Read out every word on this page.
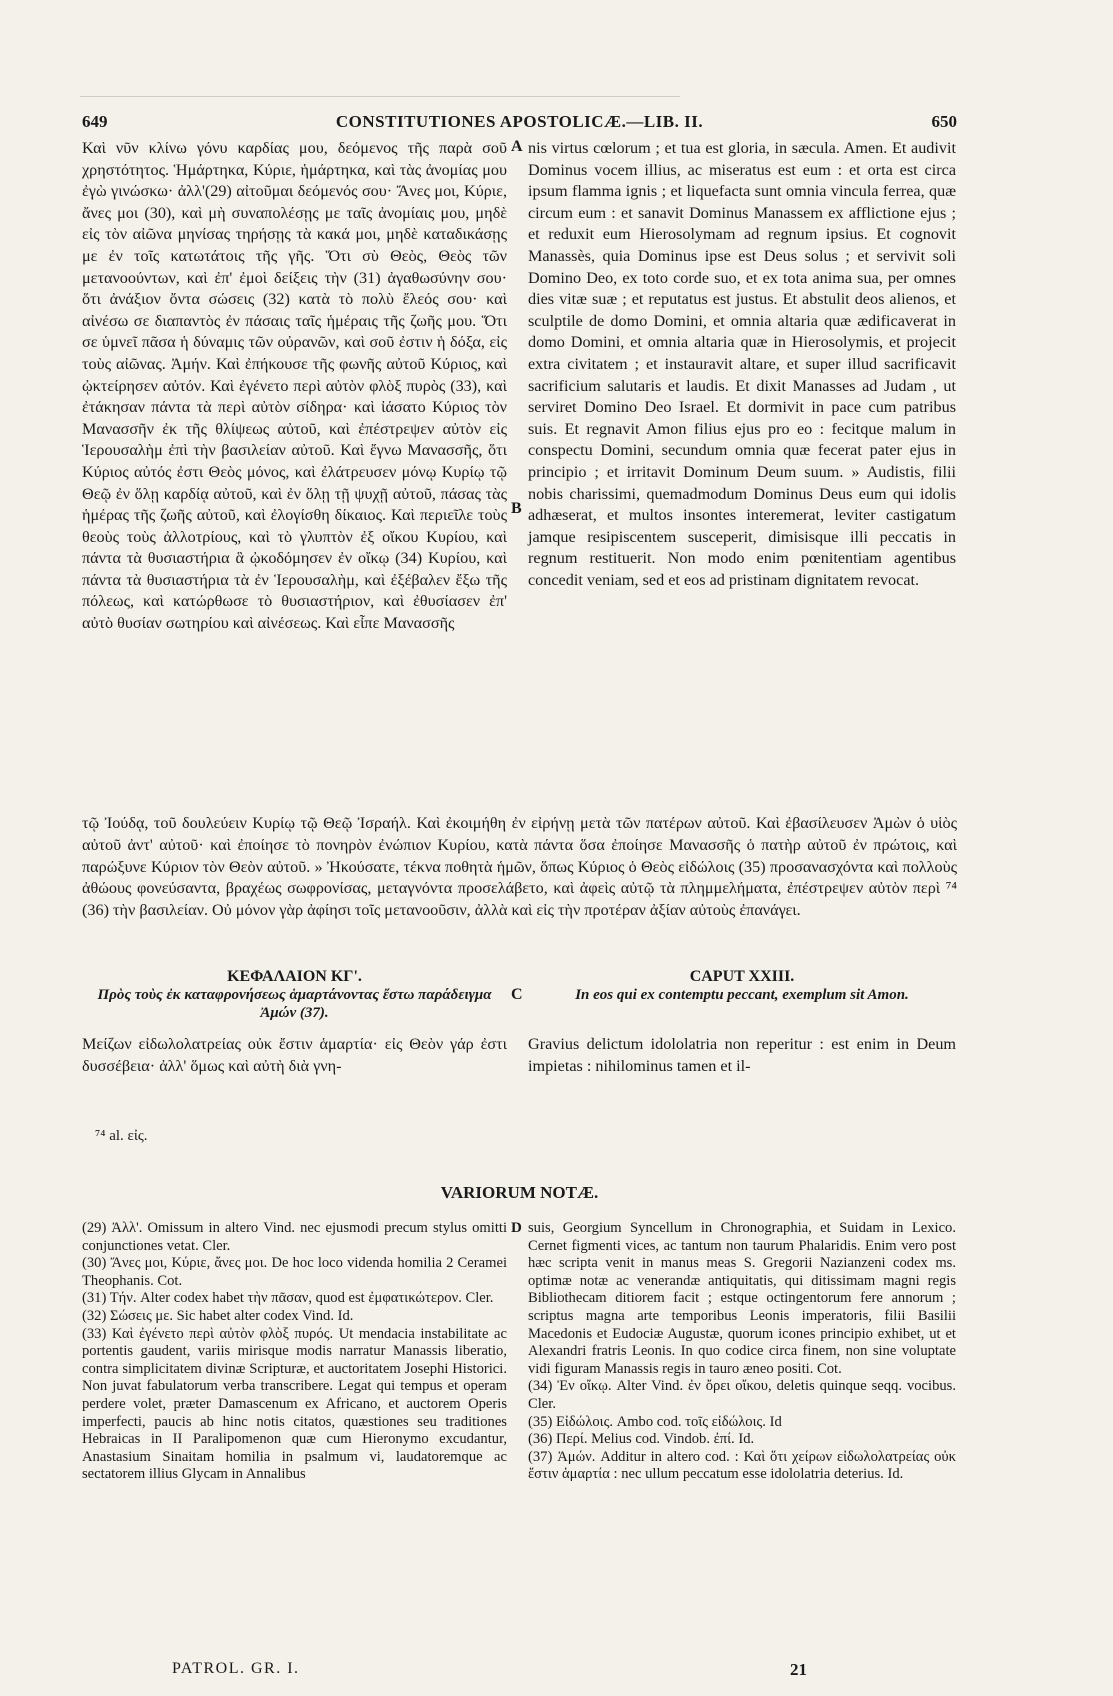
649	CONSTITUTIONES APOSTOLICÆ.—LIB. II.	650
Καὶ νῦν κλίνω γόνυ καρδίας μου, δεόμενος τῆς παρὰ σοῦ χρηστότητος. Ἡμάρτηκα, Κύριε, ἡμάρτηκα, καὶ τὰς ἀνομίας μου ἐγὼ γινώσκω· ἀλλ'(29) αἰτοῦμαι δεόμενός σου· Ἄνες μοι, Κύριε, ἄνες μοι (30), καὶ μὴ συναπολέσῃς με ταῖς ἀνομίαις μου, μηδὲ εἰς τὸν αἰῶνα μηνίσας τηρήσῃς τὰ κακά μοι, μηδὲ καταδικάσῃς με ἐν τοῖς κατωτάτοις τῆς γῆς. Ὅτι σὺ Θεὸς, Θεὸς τῶν μετανοούντων, καὶ ἐπ' ἐμοὶ δείξεις τὴν (31) ἀγαθωσύνην σου· ὅτι ἀνάξιον ὄντα σώσεις (32) κατὰ τὸ πολὺ ἔλεός σου· καὶ αἰνέσω σε διαπαντὸς ἐν πάσαις ταῖς ἡμέραις τῆς ζωῆς μου. Ὅτι σε ὑμνεῖ πᾶσα ἡ δύναμις τῶν οὐρανῶν, καὶ σοῦ ἐστιν ἡ δόξα, εἰς τοὺς αἰῶνας. Ἀμήν. Καὶ ἐπήκουσε τῆς φωνῆς αὐτοῦ Κύριος, καὶ ᾠκτείρησεν αὐτόν. Καὶ ἐγένετο περὶ αὐτὸν φλὸξ πυρὸς (33), καὶ ἐτάκησαν πάντα τὰ περὶ αὐτὸν σίδηρα· καὶ ἰάσατο Κύριος τὸν Μανασσῆν ἐκ τῆς θλίψεως αὐτοῦ, καὶ ἐπέστρεψεν αὐτὸν εἰς Ἱερουσαλὴμ ἐπὶ τὴν βασιλείαν αὐτοῦ. Καὶ ἔγνω Μανασσῆς, ὅτι Κύριος αὐτός ἐστι Θεὸς μόνος, καὶ ἐλάτρευσεν μόνῳ Κυρίῳ τῷ Θεῷ ἐν ὅλῃ καρδίᾳ αὐτοῦ, καὶ ἐν ὅλῃ τῇ ψυχῇ αὐτοῦ, πάσας τὰς ἡμέρας τῆς ζωῆς αὐτοῦ, καὶ ἐλογίσθη δίκαιος. Καὶ περιεῖλε τοὺς θεοὺς τοὺς ἀλλοτρίους, καὶ τὸ γλυπτὸν ἐξ οἴκου Κυρίου, καὶ πάντα τὰ θυσιαστήρια ἃ ᾠκοδόμησεν ἐν οἴκῳ (34) Κυρίου, καὶ πάντα τὰ θυσιαστήρια τὰ ἐν Ἱερουσαλὴμ, καὶ ἐξέβαλεν ἔξω τῆς πόλεως, καὶ κατώρθωσε τὸ θυσιαστήριον, καὶ ἐθυσίασεν ἐπ' αὐτὸ θυσίαν σωτηρίου καὶ αἰνέσεως. Καὶ εἶπε Μανασσῆς
nis virtus cœlorum ; et tua est gloria, in sæcula. Amen. Et audivit Dominus vocem illius, ac miseratus est eum : et orta est circa ipsum flamma ignis ; et liquefacta sunt omnia vincula ferrea, quæ circum eum : et sanavit Dominus Manassem ex afflictione ejus ; et reduxit eum Hierosolymam ad regnum ipsius. Et cognovit Manassès, quia Dominus ipse est Deus solus ; et servivit soli Domino Deo, ex toto corde suo, et ex tota anima sua, per omnes dies vitæ suæ ; et reputatus est justus. Et abstulit deos alienos, et sculptile de domo Domini, et omnia altaria quæ ædificaverat in domo Domini, et omnia altaria quæ in Hierosolymis, et projecit extra civitatem ; et instauravit altare, et super illud sacrificavit sacrificium salutaris et laudis. Et dixit Manasses ad Judam , ut serviret Domino Deo Israel. Et dormivit in pace cum patribus suis. Et regnavit Amon filius ejus pro eo : fecitque malum in conspectu Domini, secundum omnia quæ fecerat pater ejus in principio ; et irritavit Dominum Deum suum. » Audistis, filii nobis charissimi, quemadmodum Dominus Deus eum qui idolis adhæserat, et multos insontes interemerat, leviter castigatum jamque resipiscentem susceperit, dimisisque illi peccatis in regnum restituerit. Non modo enim pœnitentiam agentibus concedit veniam, sed et eos ad pristinam dignitatem revocat.
A
B
τῷ Ἰούδᾳ, τοῦ δουλεύειν Κυρίῳ τῷ Θεῷ Ἰσραήλ. Καὶ ἐκοιμήθη ἐν εἰρήνῃ μετὰ τῶν πατέρων αὐτοῦ. Καὶ ἐβασίλευσεν Ἀμὼν ὁ υἱὸς αὐτοῦ ἀντ' αὐτοῦ· καὶ ἐποίησε τὸ πονηρὸν ἐνώπιον Κυρίου, κατὰ πάντα ὅσα ἐποίησε Μανασσῆς ὁ πατὴρ αὐτοῦ ἐν πρώτοις, καὶ παρώξυνε Κύριον τὸν Θεὸν αὐτοῦ. » Ἠκούσατε, τέκνα ποθητὰ ἡμῶν, ὅπως Κύριος ὁ Θεὸς εἰδώλοις (35) προσανασχόντα καὶ πολλοὺς ἀθώους φονεύσαντα, βραχέως σωφρονίσας, μεταγνόντα προσελάβετο, καὶ ἀφεὶς αὐτῷ τὰ πλημμελήματα, ἐπέστρεψεν αὐτὸν περὶ ⁷⁴ (36) τὴν βασιλείαν. Οὐ μόνον γὰρ ἀφίησι τοῖς μετανοοῦσιν, ἀλλὰ καὶ εἰς τὴν προτέραν ἀξίαν αὐτοὺς ἐπανάγει.
C
ΚΕΦΑΛΑΙΟΝ ΚΓ'.
Πρὸς τοὺς ἐκ καταφρονήσεως ἁμαρτάνοντας ἔστω παράδειγμα Ἀμών (37).
CAPUT XXIII.
In eos qui ex contemptu peccant, exemplum sit Amon.
Μείζων εἰδωλολατρείας οὐκ ἔστιν ἁμαρτία· εἰς Θεὸν γάρ ἐστι δυσσέβεια· ἀλλ' ὅμως καὶ αὐτὴ διὰ γνη-
Gravius delictum idololatria non reperitur : est enim in Deum impietas : nihilominus tamen et il-
⁷⁴ al. εἰς.
VARIORUM NOTÆ.
D

(29) Ἀλλ'. Omissum in altero Vind. nec ejusmodi precum stylus omitti conjunctiones vetat. Cler.

(30) Ἄνες μοι, Κύριε, ἄνες μοι. De hoc loco videnda homilia 2 Ceramei Theophanis. Cot.

(31) Τήν. Alter codex habet τὴν πᾶσαν, quod est ἐμφατικώτερον. Cler.

(32) Σώσεις με. Sic habet alter codex Vind. Id.

(33) Καὶ ἐγένετο περὶ αὐτὸν φλὸξ πυρός. Ut mendacia instabilitate ac portentis gaudent, variis mirisque modis narratur Manassis liberatio, contra simplicitatem divinæ Scripturæ, et auctoritatem Josephi Historici. Non juvat fabulatorum verba transcribere. Legat qui tempus et operam perdere volet, præter Damascenum ex Africano, et auctorem Operis imperfecti, paucis ab hinc notis citatos, quæstiones seu traditiones Hebraicas in II Paralipomenon quæ cum Hieronymo excudantur, Anastasium Sinaitam homilia in psalmum vi, laudatoremque ac sectatorem illius Glycam in Annalibus

suis, Georgium Syncellum in Chronographia, et Suidam in Lexico. Cernet figmenti vices, ac tantum non taurum Phalaridis. Enim vero post hæc scripta venit in manus meas S. Gregorii Nazianzeni codex ms. optimæ notæ ac venerandæ antiquitatis, qui ditissimam magni regis Bibliothecam ditiorem facit ; estque octingentorum fere annorum ; scriptus magna arte temporibus Leonis imperatoris, filii Basilii Macedonis et Eudociæ Augustæ, quorum icones principio exhibet, ut et Alexandri fratris Leonis. In quo codice circa finem, non sine voluptate vidi figuram Manassis regis in tauro æneo positi. Cot.

(34) Ἐν οἴκῳ. Alter Vind. ἐν ὄρει οἴκου, deletis quinque seqq. vocibus. Cler.

(35) Εἰδώλοις. Ambo cod. τοῖς εἰδώλοις. Id

(36) Περί. Melius cod. Vindob. ἐπί. Id.

(37) Ἀμών. Additur in altero cod. : Καὶ ὅτι χείρων εἰδωλολατρείας οὐκ ἔστιν ἁμαρτία : nec ullum peccatum esse idololatria deterius. Id.

PATROL. GR. I.	21
